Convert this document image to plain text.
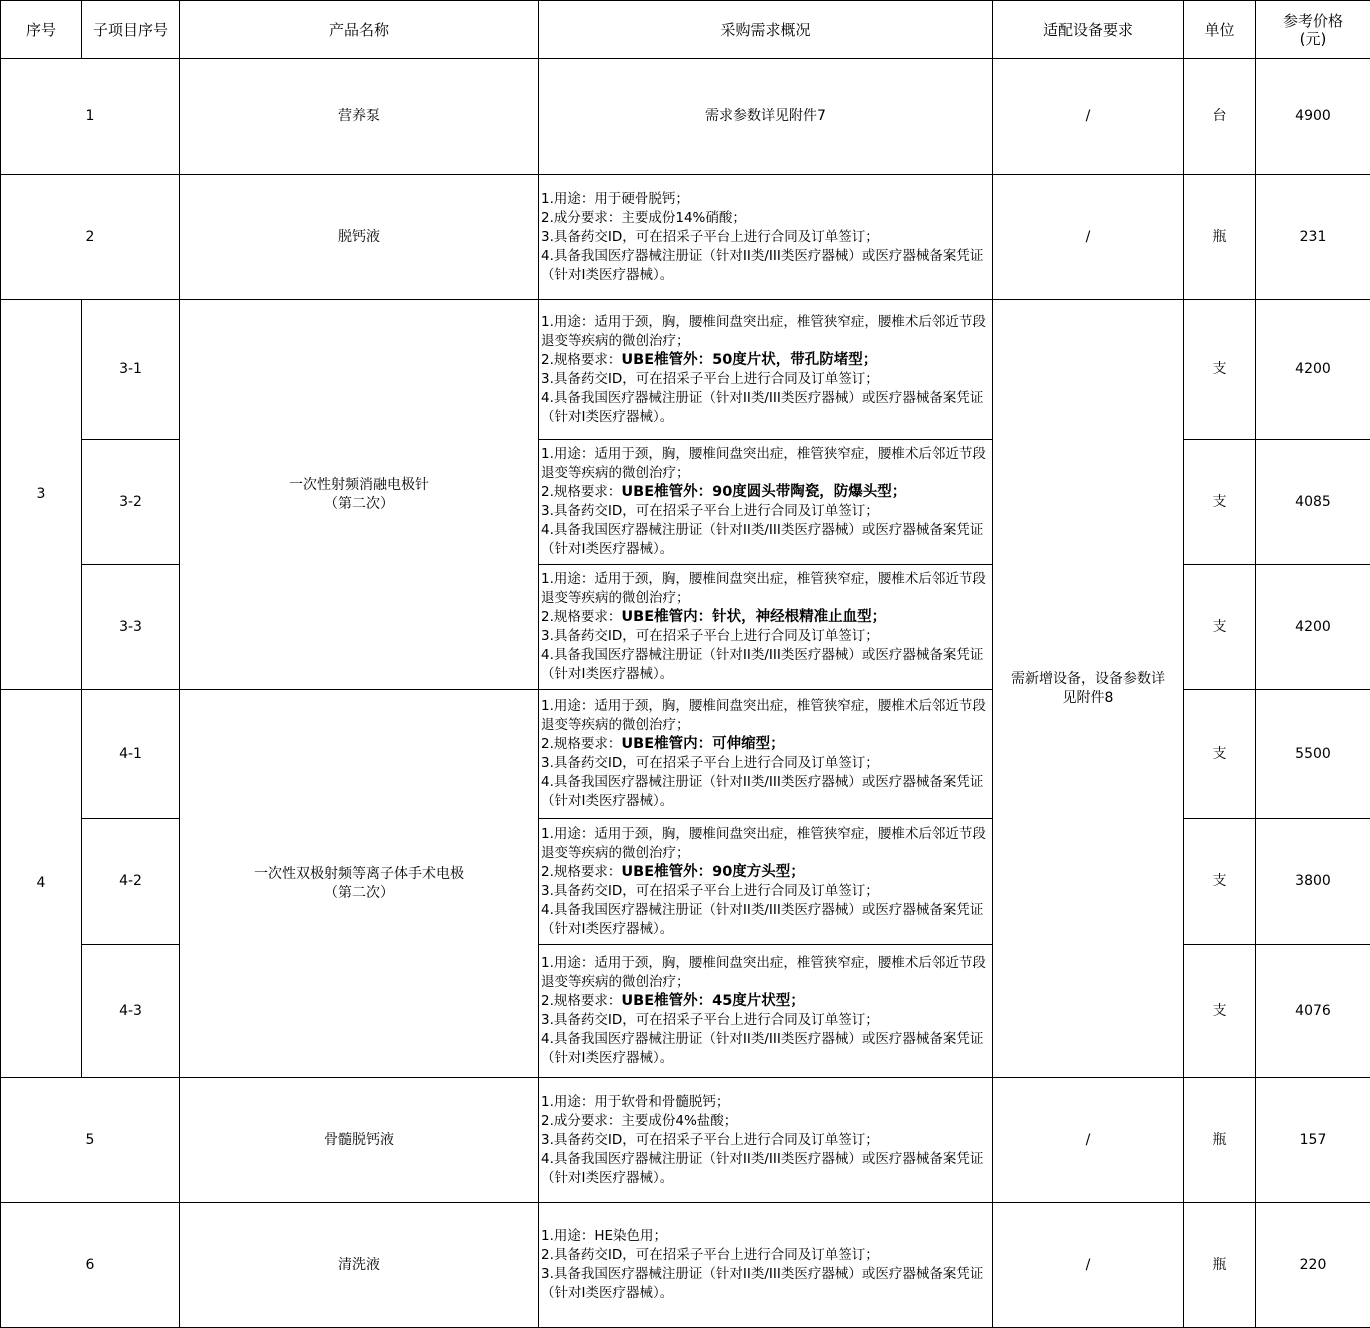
序号	子项目序号	产品名称	采购需求概况	适配设备要求	单位	参考价格
(元)

1		营养泵	需求参数详见附件7	/	台	4900
2		脱钙液	1.用途：用于硬骨脱钙；
2.成分要求：主要成份14%硝酸；
3.具备药交ID，可在招采子平台上进行合同及订单签订；
4.具备我国医疗器械注册证（针对II类/III类医疗器械）或医疗器械备案凭证（针对I类医疗器械）。	/	瓶	231
3	3-1	一次性射频消融电极针
（第二次）	1.用途：适用于颈，胸，腰椎间盘突出症，椎管狭窄症，腰椎术后邻近节段退变等疾病的微创治疗；
2.规格要求：UBE椎管外：50度片状，带孔防堵型；
3.具备药交ID，可在招采子平台上进行合同及订单签订；
4.具备我国医疗器械注册证（针对II类/III类医疗器械）或医疗器械备案凭证（针对I类医疗器械）。	需新增设备，设备参数详
见附件8	支	4200
	3-2		1.用途：适用于颈，胸，腰椎间盘突出症，椎管狭窄症，腰椎术后邻近节段退变等疾病的微创治疗；
2.规格要求：UBE椎管外：90度圆头带陶瓷，防爆头型；
3.具备药交ID，可在招采子平台上进行合同及订单签订；
4.具备我国医疗器械注册证（针对II类/III类医疗器械）或医疗器械备案凭证（针对I类医疗器械）。		支	4085
	3-3		1.用途：适用于颈，胸，腰椎间盘突出症，椎管狭窄症，腰椎术后邻近节段退变等疾病的微创治疗；
2.规格要求：UBE椎管内：针状，神经根精准止血型；
3.具备药交ID，可在招采子平台上进行合同及订单签订；
4.具备我国医疗器械注册证（针对II类/III类医疗器械）或医疗器械备案凭证（针对I类医疗器械）。		支	4200
4	4-1	一次性双极射频等离子体手术电极
（第二次）	1.用途：适用于颈，胸，腰椎间盘突出症，椎管狭窄症，腰椎术后邻近节段退变等疾病的微创治疗；
2.规格要求：UBE椎管内：可伸缩型；
3.具备药交ID，可在招采子平台上进行合同及订单签订；
4.具备我国医疗器械注册证（针对II类/III类医疗器械）或医疗器械备案凭证（针对I类医疗器械）。		支	5500
	4-2		1.用途：适用于颈，胸，腰椎间盘突出症，椎管狭窄症，腰椎术后邻近节段退变等疾病的微创治疗；
2.规格要求：UBE椎管外：90度方头型；
3.具备药交ID，可在招采子平台上进行合同及订单签订；
4.具备我国医疗器械注册证（针对II类/III类医疗器械）或医疗器械备案凭证（针对I类医疗器械）。		支	3800
	4-3		1.用途：适用于颈，胸，腰椎间盘突出症，椎管狭窄症，腰椎术后邻近节段退变等疾病的微创治疗；
2.规格要求：UBE椎管外：45度片状型；
3.具备药交ID，可在招采子平台上进行合同及订单签订；
4.具备我国医疗器械注册证（针对II类/III类医疗器械）或医疗器械备案凭证（针对I类医疗器械）。		支	4076
5		骨髓脱钙液	1.用途：用于软骨和骨髓脱钙；
2.成分要求：主要成份4%盐酸；
3.具备药交ID，可在招采子平台上进行合同及订单签订；
4.具备我国医疗器械注册证（针对II类/III类医疗器械）或医疗器械备案凭证（针对I类医疗器械）。	/	瓶	157
6		清洗液	1.用途：HE染色用；
2.具备药交ID，可在招采子平台上进行合同及订单签订；
3.具备我国医疗器械注册证（针对II类/III类医疗器械）或医疗器械备案凭证（针对I类医疗器械）。	/	瓶	220
